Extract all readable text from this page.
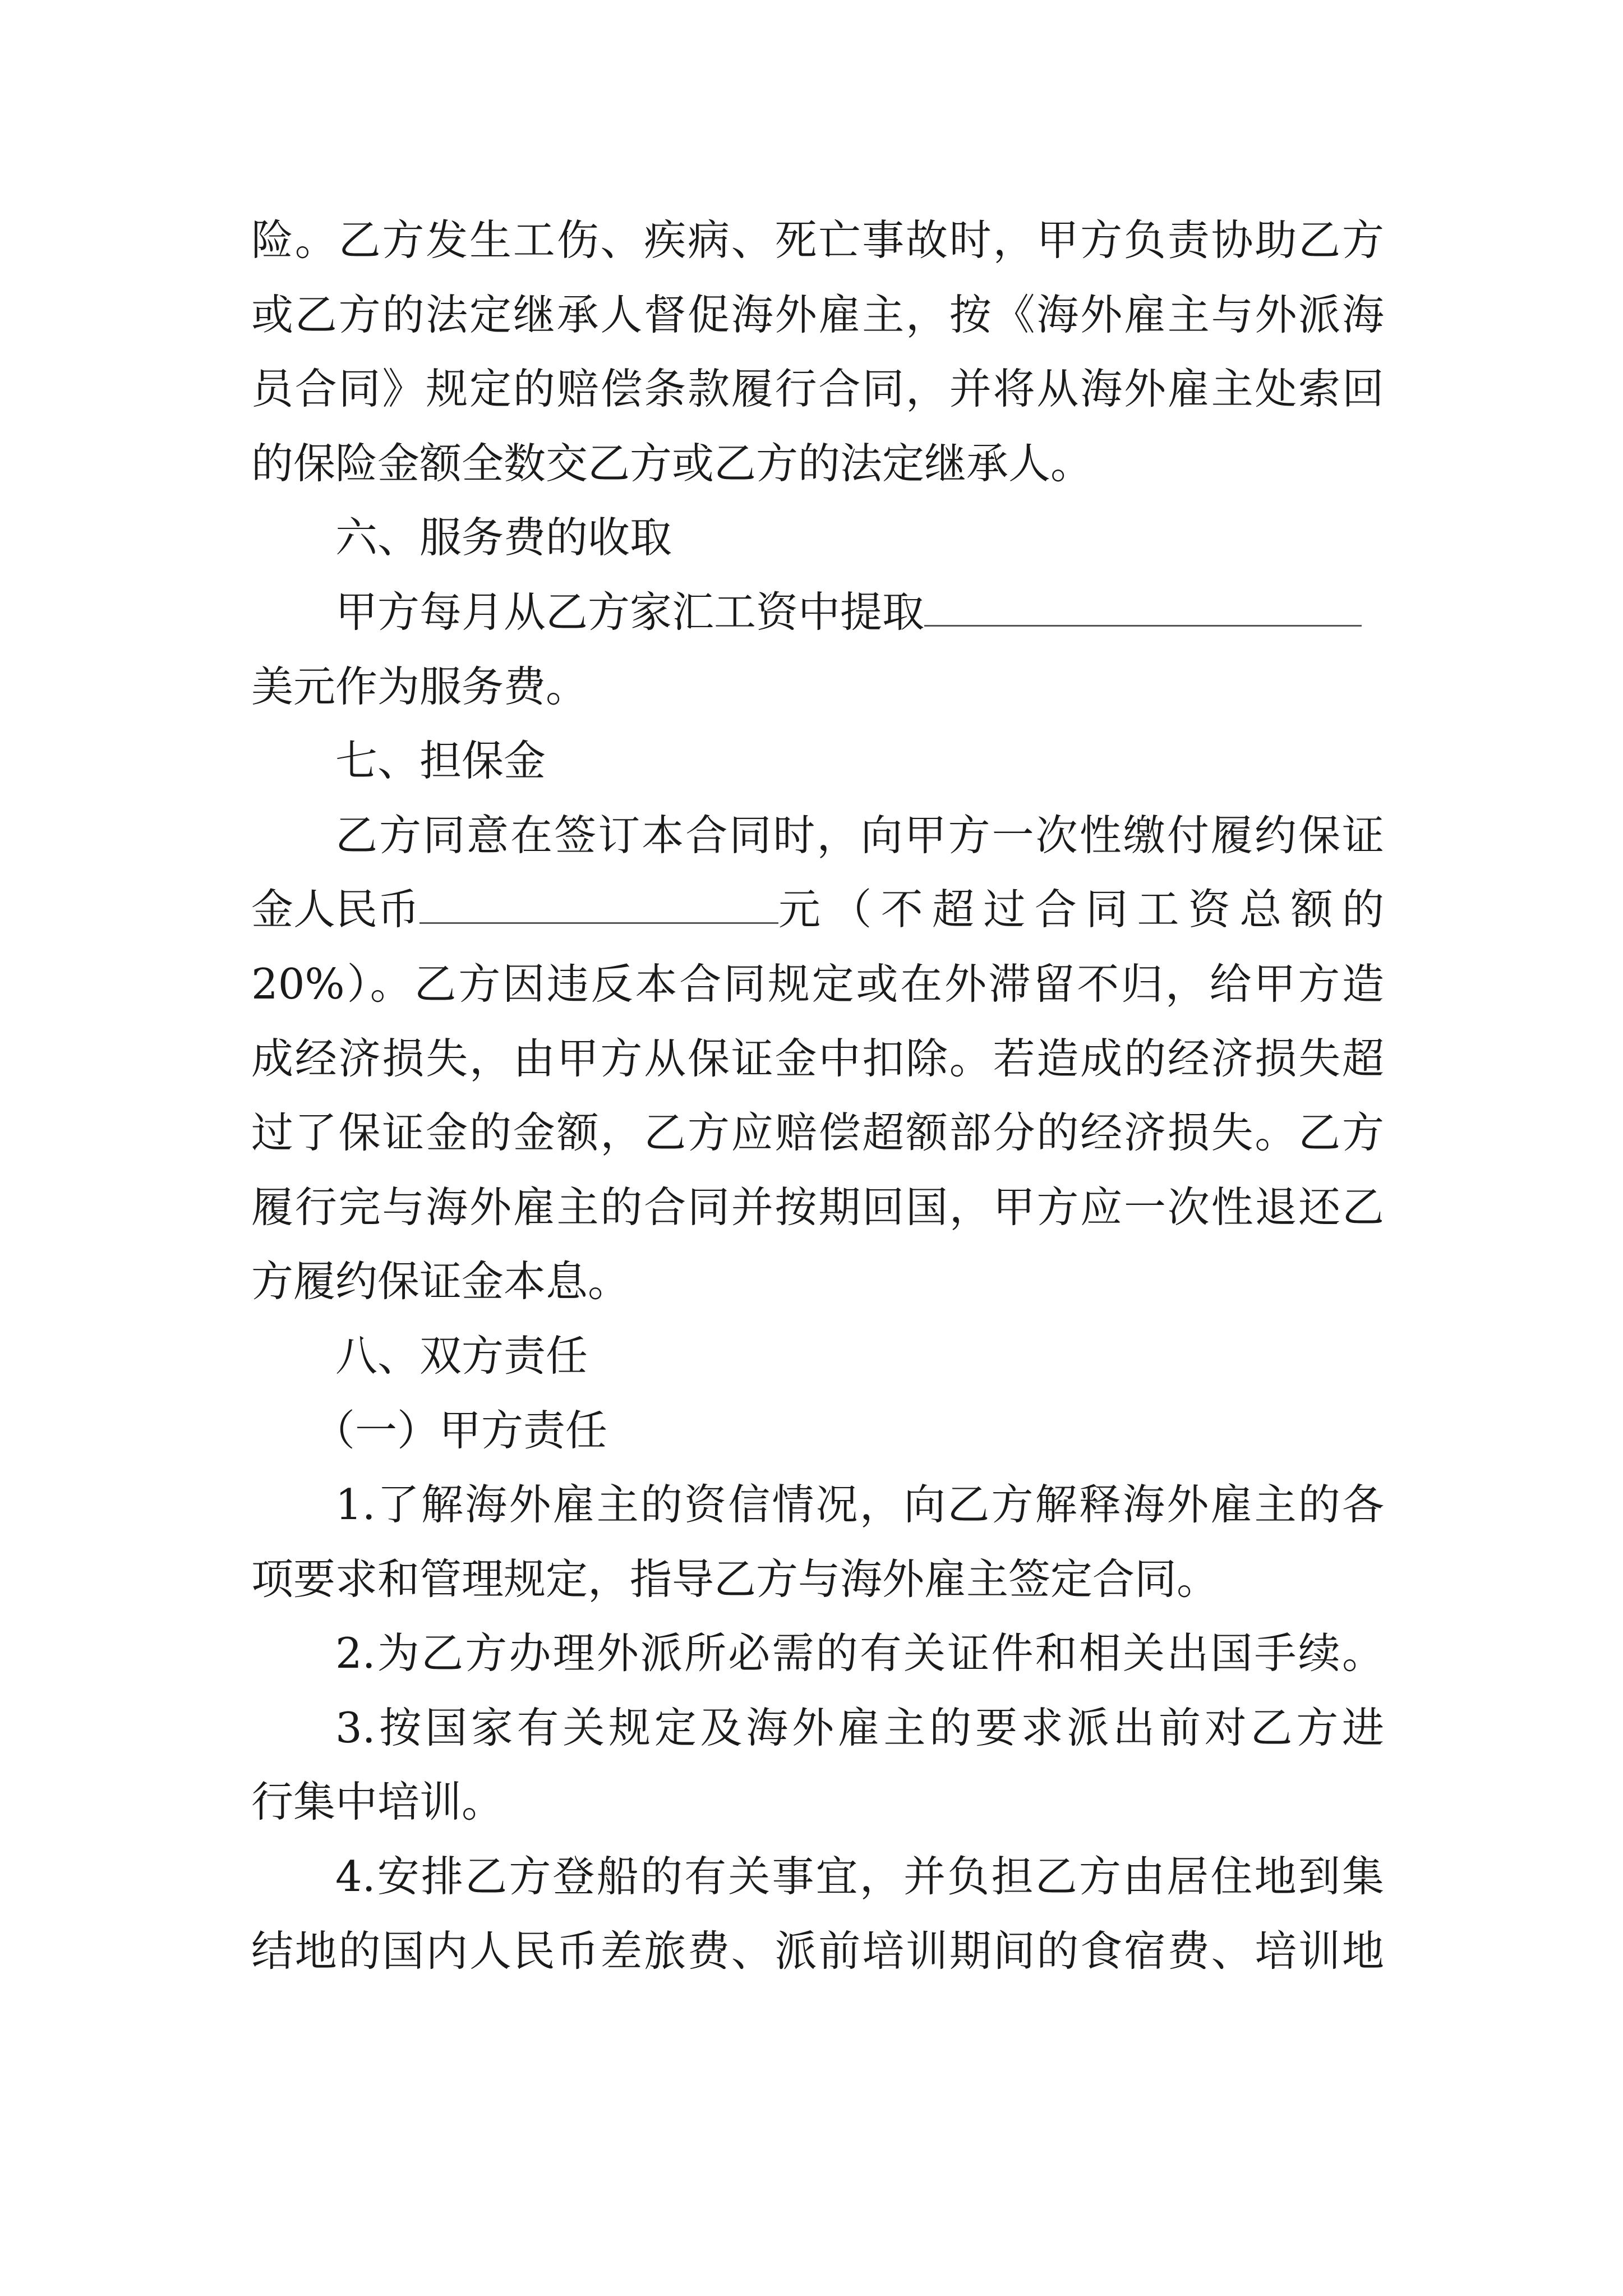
险。乙方发生工伤、疾病、死亡事故时，甲方负责协助乙方
或乙方的法定继承人督促海外雇主，按《海外雇主与外派海
员合同》规定的赔偿条款履行合同，并将从海外雇主处索回
的保险金额全数交乙方或乙方的法定继承人。
六、服务费的收取
甲方每月从乙方家汇工资中提取
美元作为服务费。
七、担保金
乙方同意在签订本合同时，向甲方一次性缴付履约保证
金人民币	元（不超过合同工资总额的
20%）。乙方因违反本合同规定或在外滞留不归，给甲方造
成经济损失，由甲方从保证金中扣除。若造成的经济损失超
过了保证金的金额，乙方应赔偿超额部分的经济损失。乙方
履行完与海外雇主的合同并按期回国，甲方应一次性退还乙
方履约保证金本息。
八、双方责任
（一）甲方责任
1.了解海外雇主的资信情况，向乙方解释海外雇主的各
项要求和管理规定，指导乙方与海外雇主签定合同。
2.为乙方办理外派所必需的有关证件和相关出国手续。
3.按国家有关规定及海外雇主的要求派出前对乙方进
行集中培训。
4.安排乙方登船的有关事宜，并负担乙方由居住地到集
结地的国内人民币差旅费、派前培训期间的食宿费、培训地
